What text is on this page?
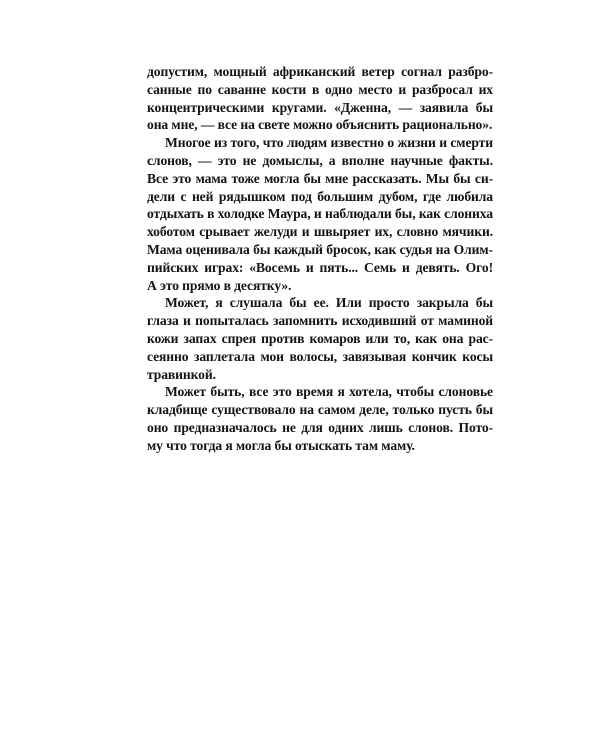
допустим, мощный африканский ветер согнал разбро-
санные по саванне кости в одно место и разбросал их
концентрическими кругами. «Дженна, — заявила бы
она мне, — все на свете можно объяснить рационально».
Многое из того, что людям известно о жизни и смерти
слонов, — это не домыслы, а вполне научные факты.
Все это мама тоже могла бы мне рассказать. Мы бы си-
дели с ней рядышком под большим дубом, где любила
отдыхать в холодке Маура, и наблюдали бы, как слониха
хоботом срывает желуди и швыряет их, словно мячики.
Мама оценивала бы каждый бросок, как судья на Олим-
пийских играх: «Восемь и пять... Семь и девять. Ого!
А это прямо в десятку».
Может, я слушала бы ее. Или просто закрыла бы
глаза и попыталась запомнить исходивший от маминой
кожи запах спрея против комаров или то, как она рас-
сеянно заплетала мои волосы, завязывая кончик косы
травинкой.
Может быть, все это время я хотела, чтобы слоновье
кладбище существовало на самом деле, только пусть бы
оно предназначалось не для одних лишь слонов. Пото-
му что тогда я могла бы отыскать там маму.
